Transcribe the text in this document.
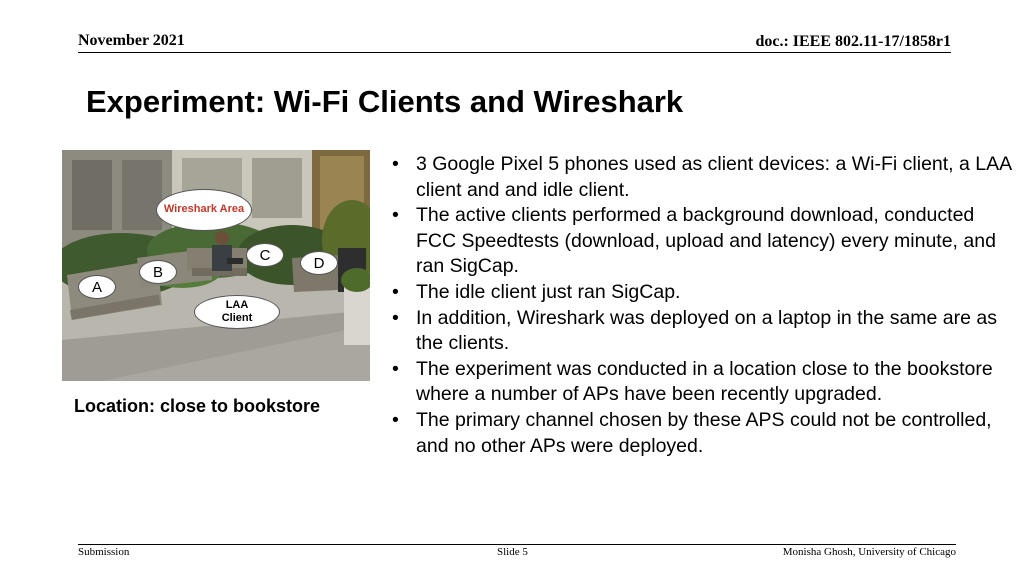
November 2021	doc.: IEEE 802.11-17/1858r1
Experiment: Wi-Fi Clients and Wireshark
Wireshark Area
C	D
B
A
LAA Client
Location: close to bookstore
• 3 Google Pixel 5 phones used as client devices: a Wi-Fi client, a LAA client and and idle client.
• The active clients performed a background download, conducted FCC Speedtests (download, upload and latency) every minute, and ran SigCap.
• The idle client just ran SigCap.
• In addition, Wireshark was deployed on a laptop in the same are as the clients.
• The experiment was conducted in a location close to the bookstore where a number of APs have been recently upgraded.
• The primary channel chosen by these APS could not be controlled, and no other APs were deployed.
Submission	Slide 5	Monisha Ghosh, University of Chicago
